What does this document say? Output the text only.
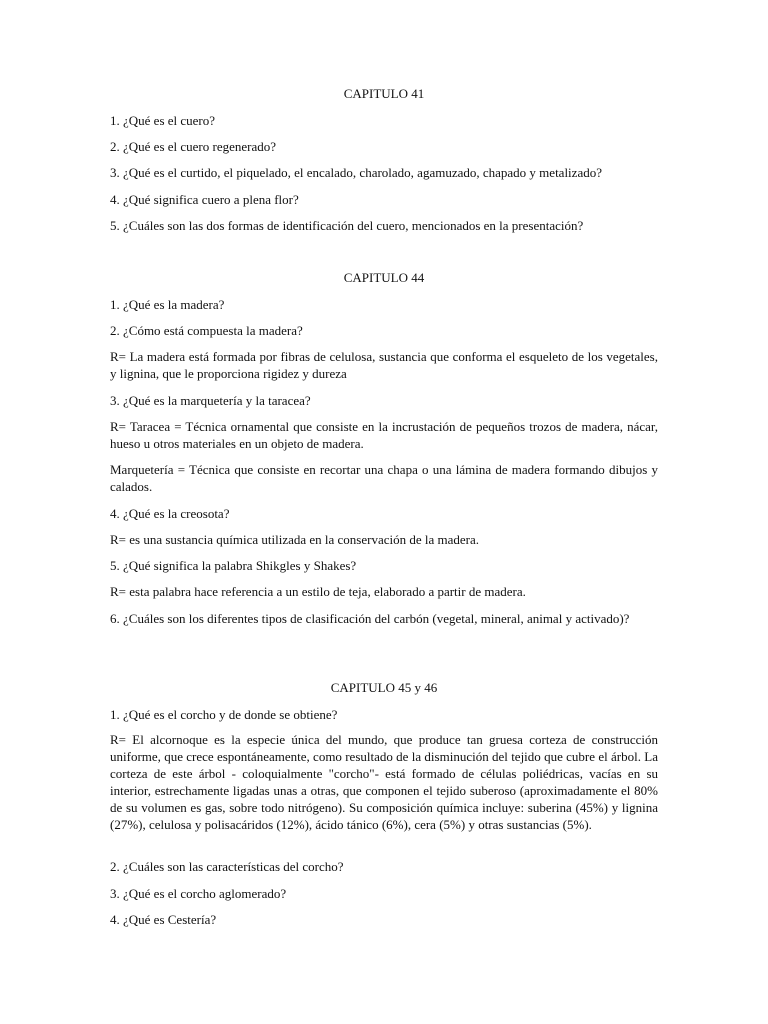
CAPITULO 41
1. ¿Qué es el cuero?
2. ¿Qué es el cuero regenerado?
3. ¿Qué es el curtido, el piquelado, el encalado, charolado, agamuzado, chapado y metalizado?
4. ¿Qué significa cuero a plena flor?
5. ¿Cuáles son las dos formas de identificación del cuero, mencionados en la presentación?
CAPITULO 44
1. ¿Qué es la madera?
2. ¿Cómo está compuesta la madera?
R= La madera está formada por fibras de celulosa, sustancia que conforma el esqueleto de los vegetales, y lignina, que le proporciona rigidez y dureza
3. ¿Qué es la marquetería y la taracea?
R= Taracea = Técnica ornamental que consiste en la incrustación de pequeños trozos de madera, nácar, hueso u otros materiales en un objeto de madera.
Marquetería = Técnica que consiste en recortar una chapa o una lámina de madera formando dibujos y calados.
4. ¿Qué es la creosota?
R= es una sustancia química utilizada en la conservación de la madera.
5. ¿Qué significa la palabra Shikgles y Shakes?
R= esta palabra hace referencia a un estilo de teja, elaborado a partir de madera.
6. ¿Cuáles son los diferentes tipos de clasificación del carbón (vegetal, mineral, animal y activado)?
CAPITULO 45 y 46
1. ¿Qué es el corcho y de donde se obtiene?
R= El alcornoque es la especie única del mundo, que produce tan gruesa corteza de construcción uniforme, que crece espontáneamente, como resultado de la disminución del tejido que cubre el árbol. La corteza de este árbol - coloquialmente "corcho"- está formado de células poliédricas, vacías en su interior, estrechamente ligadas unas a otras, que componen el tejido suberoso (aproximadamente el 80% de su volumen es gas, sobre todo nitrógeno). Su composición química incluye: suberina (45%) y lignina (27%), celulosa y polisacáridos (12%), ácido tánico (6%), cera (5%) y otras sustancias (5%).
2. ¿Cuáles son las características del corcho?
3. ¿Qué es el corcho aglomerado?
4. ¿Qué es Cestería?
